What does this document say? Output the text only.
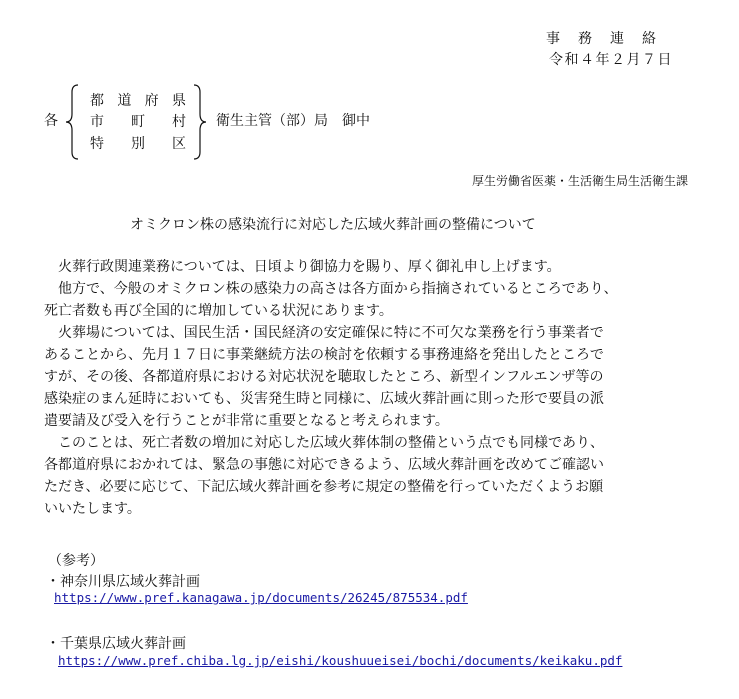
事務連絡
令和４年２月７日
各
都 道 府 県
市 町 村
特 別 区
衛生主管（部）局　御中
厚生労働省医薬・生活衛生局生活衛生課
オミクロン株の感染流行に対応した広域火葬計画の整備について
　火葬行政関連業務については、日頃より御協力を賜り、厚く御礼申し上げます。
　他方で、今般のオミクロン株の感染力の高さは各方面から指摘されているところであり、
死亡者数も再び全国的に増加している状況にあります。
　火葬場については、国民生活・国民経済の安定確保に特に不可欠な業務を行う事業者で
あることから、先月１７日に事業継続方法の検討を依頼する事務連絡を発出したところで
すが、その後、各都道府県における対応状況を聴取したところ、新型インフルエンザ等の
感染症のまん延時においても、災害発生時と同様に、広域火葬計画に則った形で要員の派
遣要請及び受入を行うことが非常に重要となると考えられます。
　このことは、死亡者数の増加に対応した広域火葬体制の整備という点でも同様であり、
各都道府県におかれては、緊急の事態に対応できるよう、広域火葬計画を改めてご確認い
ただき、必要に応じて、下記広域火葬計画を参考に規定の整備を行っていただくようお願
いいたします。
（参考）
・神奈川県広域火葬計画
https://www.pref.kanagawa.jp/documents/26245/875534.pdf
・千葉県広域火葬計画
https://www.pref.chiba.lg.jp/eishi/koushuueisei/bochi/documents/keikaku.pdf
